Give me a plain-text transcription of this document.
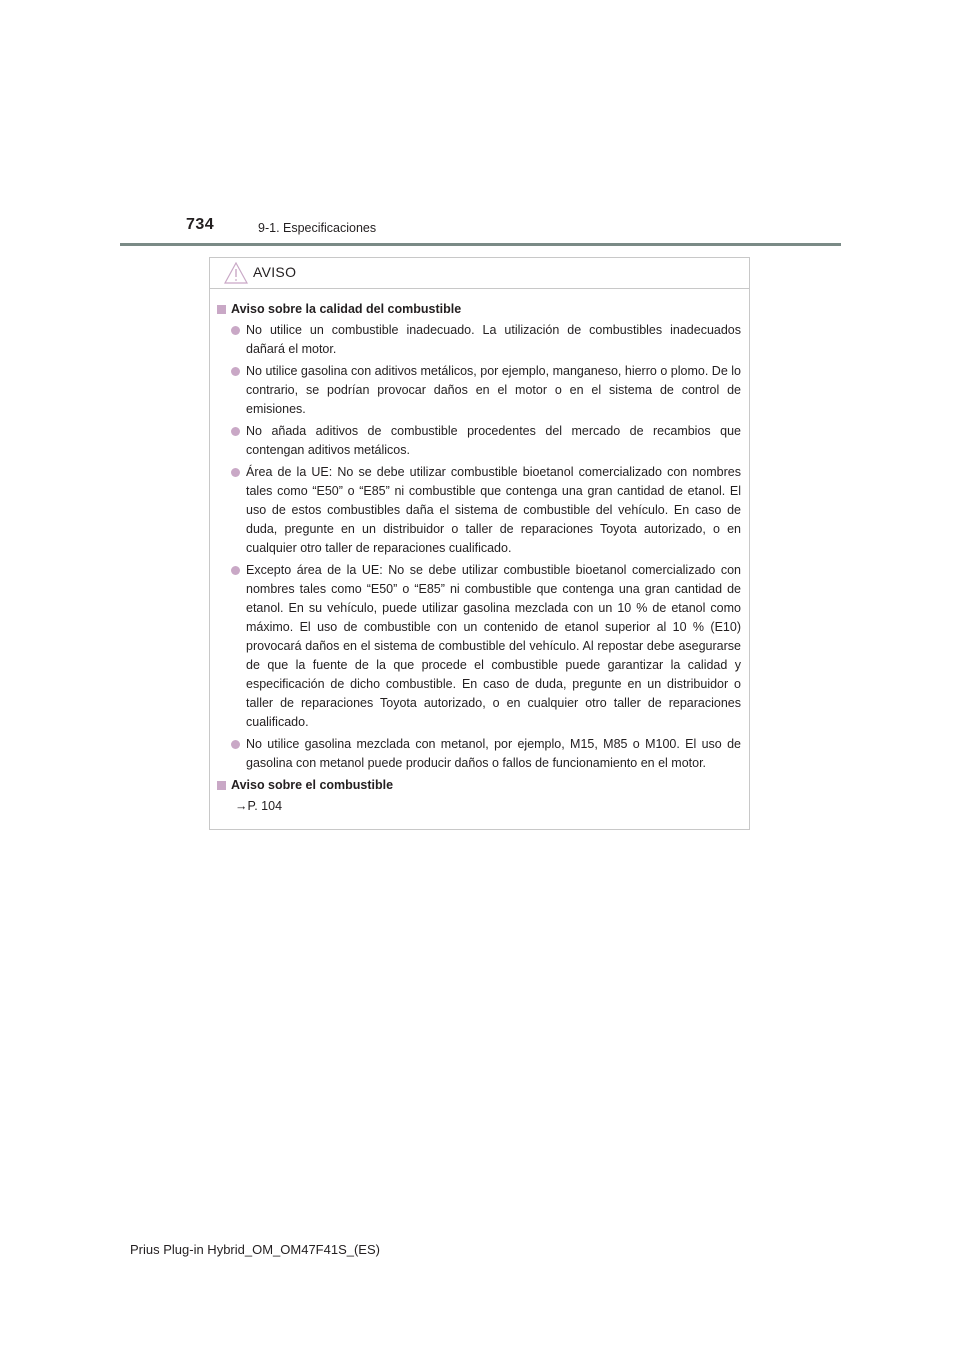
734	9-1. Especificaciones
AVISO
Aviso sobre la calidad del combustible
No utilice un combustible inadecuado. La utilización de combustibles inadecuados dañará el motor.
No utilice gasolina con aditivos metálicos, por ejemplo, manganeso, hierro o plomo. De lo contrario, se podrían provocar daños en el motor o en el sistema de control de emisiones.
No añada aditivos de combustible procedentes del mercado de recambios que contengan aditivos metálicos.
Área de la UE: No se debe utilizar combustible bioetanol comercializado con nombres tales como “E50” o “E85” ni combustible que contenga una gran cantidad de etanol. El uso de estos combustibles daña el sistema de combustible del vehículo. En caso de duda, pregunte en un distribuidor o taller de reparaciones Toyota autorizado, o en cualquier otro taller de reparaciones cualificado.
Excepto área de la UE: No se debe utilizar combustible bioetanol comercializado con nombres tales como “E50” o “E85” ni combustible que contenga una gran cantidad de etanol. En su vehículo, puede utilizar gasolina mezclada con un 10 % de etanol como máximo. El uso de combustible con un contenido de etanol superior al 10 % (E10) provocará daños en el sistema de combustible del vehículo. Al repostar debe asegurarse de que la fuente de la que procede el combustible puede garantizar la calidad y especificación de dicho combustible. En caso de duda, pregunte en un distribuidor o taller de reparaciones Toyota autorizado, o en cualquier otro taller de reparaciones cualificado.
No utilice gasolina mezclada con metanol, por ejemplo, M15, M85 o M100. El uso de gasolina con metanol puede producir daños o fallos de funcionamiento en el motor.
Aviso sobre el combustible
→P. 104
Prius Plug-in Hybrid_OM_OM47F41S_(ES)
